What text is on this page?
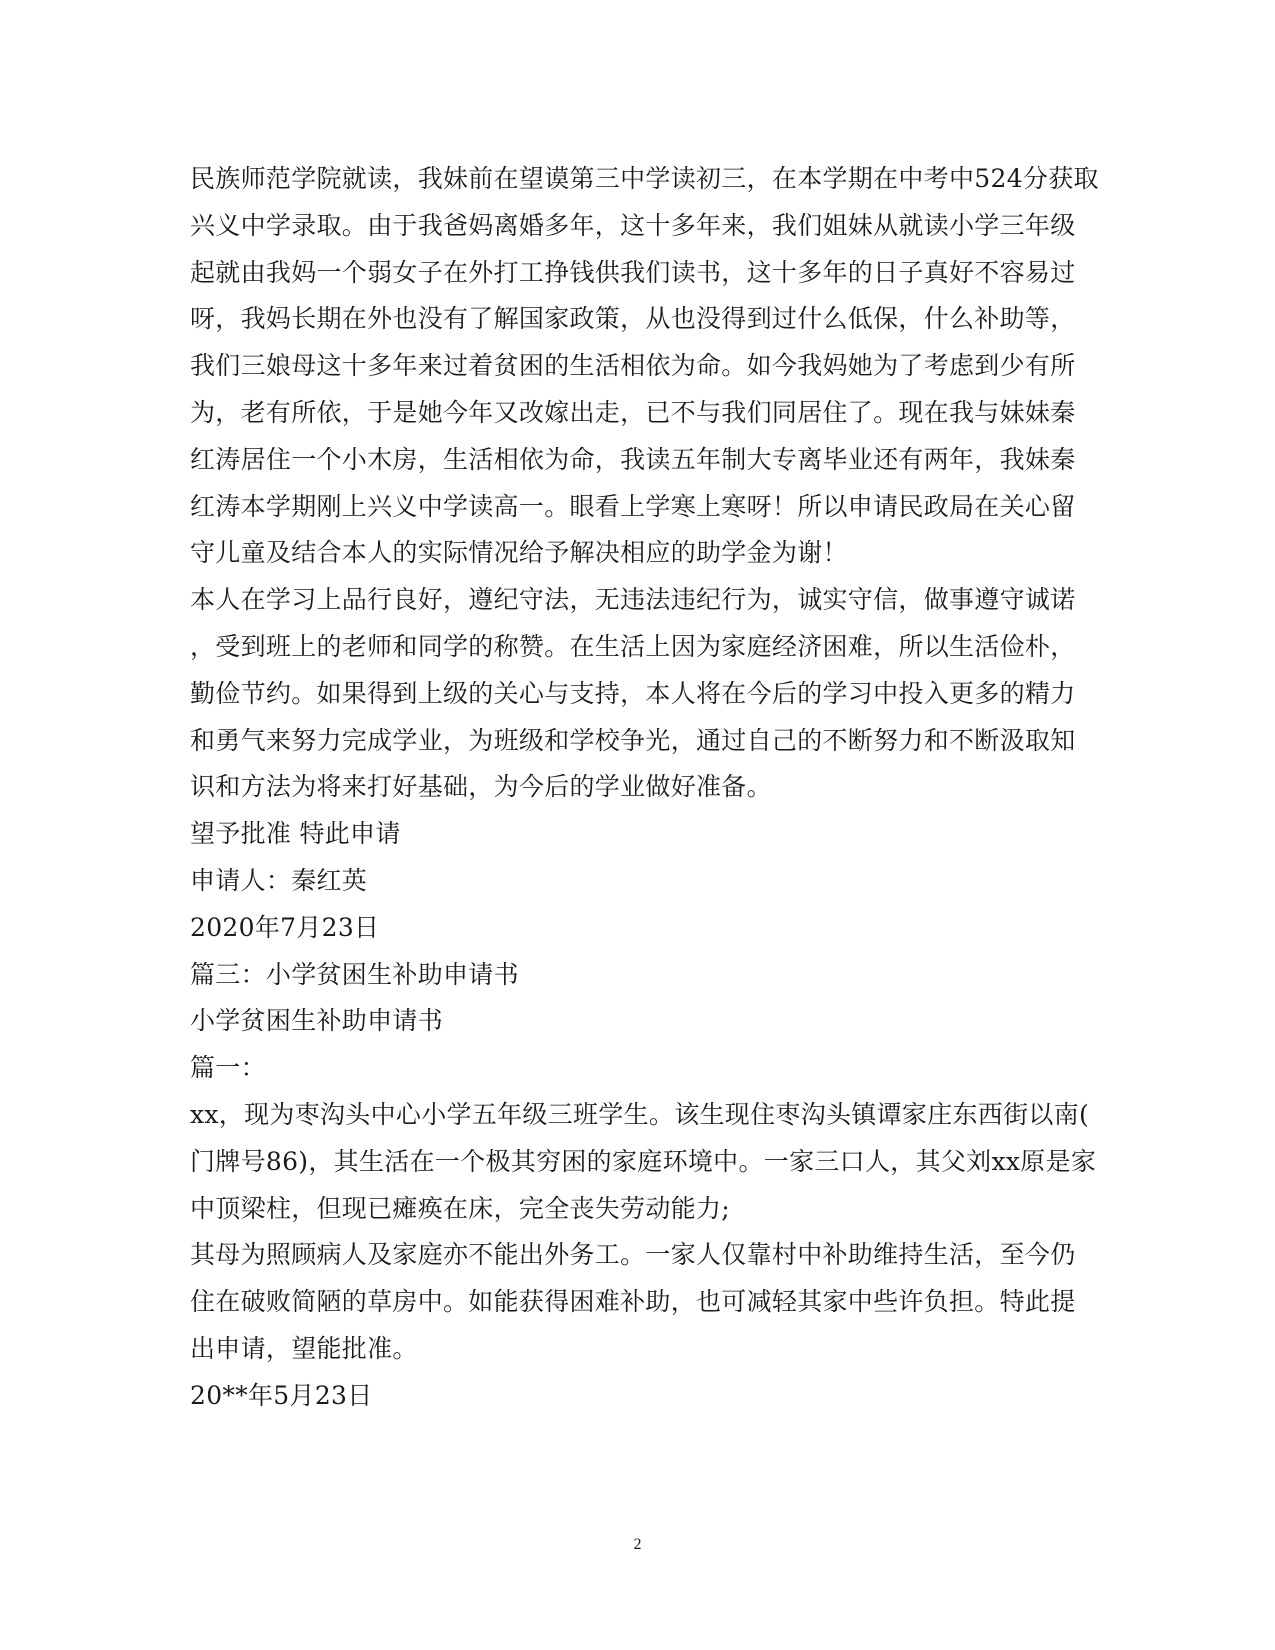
民族师范学院就读，我妹前在望谟第三中学读初三，在本学期在中考中524分获取
兴义中学录取。由于我爸妈离婚多年，这十多年来，我们姐妹从就读小学三年级
起就由我妈一个弱女子在外打工挣钱供我们读书，这十多年的日子真好不容易过
呀，我妈长期在外也没有了解国家政策，从也没得到过什么低保，什么补助等，
我们三娘母这十多年来过着贫困的生活相依为命。如今我妈她为了考虑到少有所
为，老有所依，于是她今年又改嫁出走，已不与我们同居住了。现在我与妹妹秦
红涛居住一个小木房，生活相依为命，我读五年制大专离毕业还有两年，我妹秦
红涛本学期刚上兴义中学读高一。眼看上学寒上寒呀！所以申请民政局在关心留
守儿童及结合本人的实际情况给予解决相应的助学金为谢！
本人在学习上品行良好，遵纪守法，无违法违纪行为，诚实守信，做事遵守诚诺
，受到班上的老师和同学的称赞。在生活上因为家庭经济困难，所以生活俭朴，
勤俭节约。如果得到上级的关心与支持，本人将在今后的学习中投入更多的精力
和勇气来努力完成学业，为班级和学校争光，通过自己的不断努力和不断汲取知
识和方法为将来打好基础，为今后的学业做好准备。
望予批准 特此申请
申请人：秦红英
2020年7月23日
篇三：小学贫困生补助申请书
小学贫困生补助申请书
篇一：
xx，现为枣沟头中心小学五年级三班学生。该生现住枣沟头镇谭家庄东西街以南(
门牌号86)，其生活在一个极其穷困的家庭环境中。一家三口人，其父刘xx原是家
中顶梁柱，但现已瘫痪在床，完全丧失劳动能力;
其母为照顾病人及家庭亦不能出外务工。一家人仅靠村中补助维持生活，至今仍
住在破败简陋的草房中。如能获得困难补助，也可减轻其家中些许负担。特此提
出申请，望能批准。
20**年5月23日
2
